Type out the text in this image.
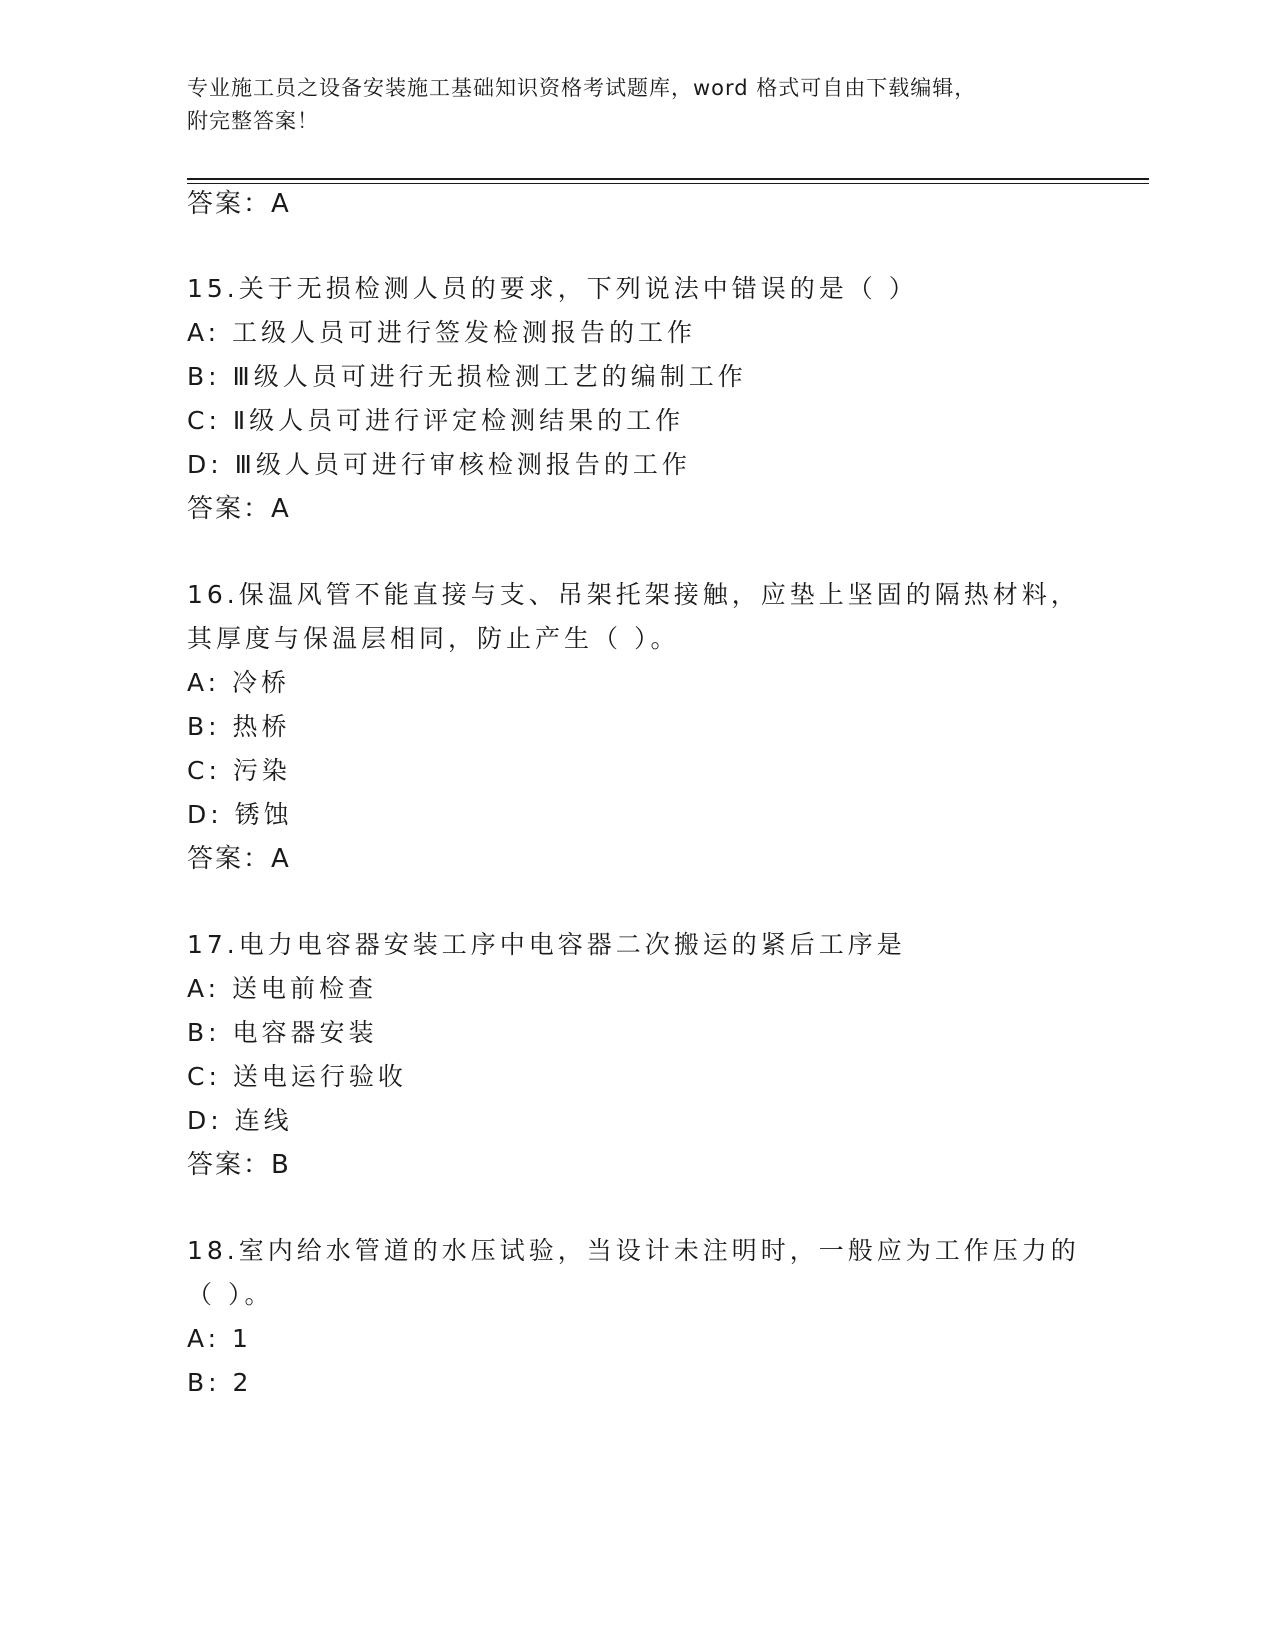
专业施工员之设备安装施工基础知识资格考试题库，word 格式可自由下载编辑，
附完整答案！
答案：A
15.关于无损检测人员的要求，下列说法中错误的是（ ）
A: 工级人员可进行签发检测报告的工作
B: Ⅲ级人员可进行无损检测工艺的编制工作
C: Ⅱ级人员可进行评定检测结果的工作
D: Ⅲ级人员可进行审核检测报告的工作
答案：A
16.保温风管不能直接与支、吊架托架接触，应垫上坚固的隔热材料，
其厚度与保温层相同，防止产生（ ）。
A: 冷桥
B: 热桥
C: 污染
D: 锈蚀
答案：A
17.电力电容器安装工序中电容器二次搬运的紧后工序是
A: 送电前检查
B: 电容器安装
C: 送电运行验收
D: 连线
答案：B
18.室内给水管道的水压试验，当设计未注明时，一般应为工作压力的
（ ）。
A: 1
B: 2
